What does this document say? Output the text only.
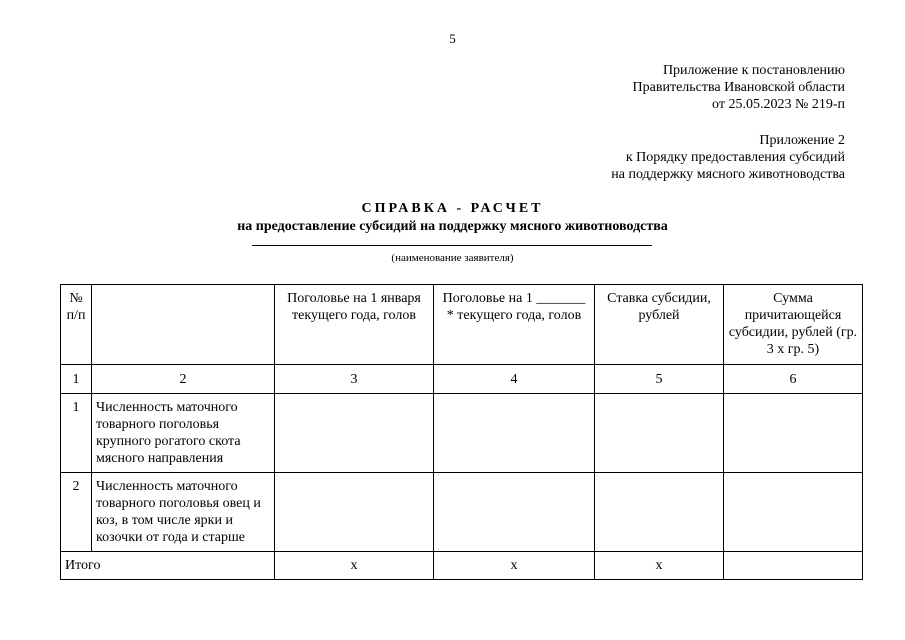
5
Приложение к постановлению
Правительства Ивановской области
от 25.05.2023 № 219-п
Приложение 2
к Порядку предоставления субсидий
на поддержку мясного животноводства
СПРАВКА - РАСЧЕТ
на предоставление субсидий на поддержку мясного животноводства
(наименование заявителя)
№ п/п		Поголовье на 1 января текущего года, голов	Поголовье на 1 _______ * текущего года, голов	Ставка субсидии, рублей	Сумма причитающейся субсидии, рублей (гр. 3 х гр. 5)
1	2	3	4	5	6
1	Численность маточного товарного поголовья крупного рогатого скота мясного направления				
2	Численность маточного товарного поголовья овец и коз, в том числе ярки и козочки от года и старше				
Итого		x	x	x	
